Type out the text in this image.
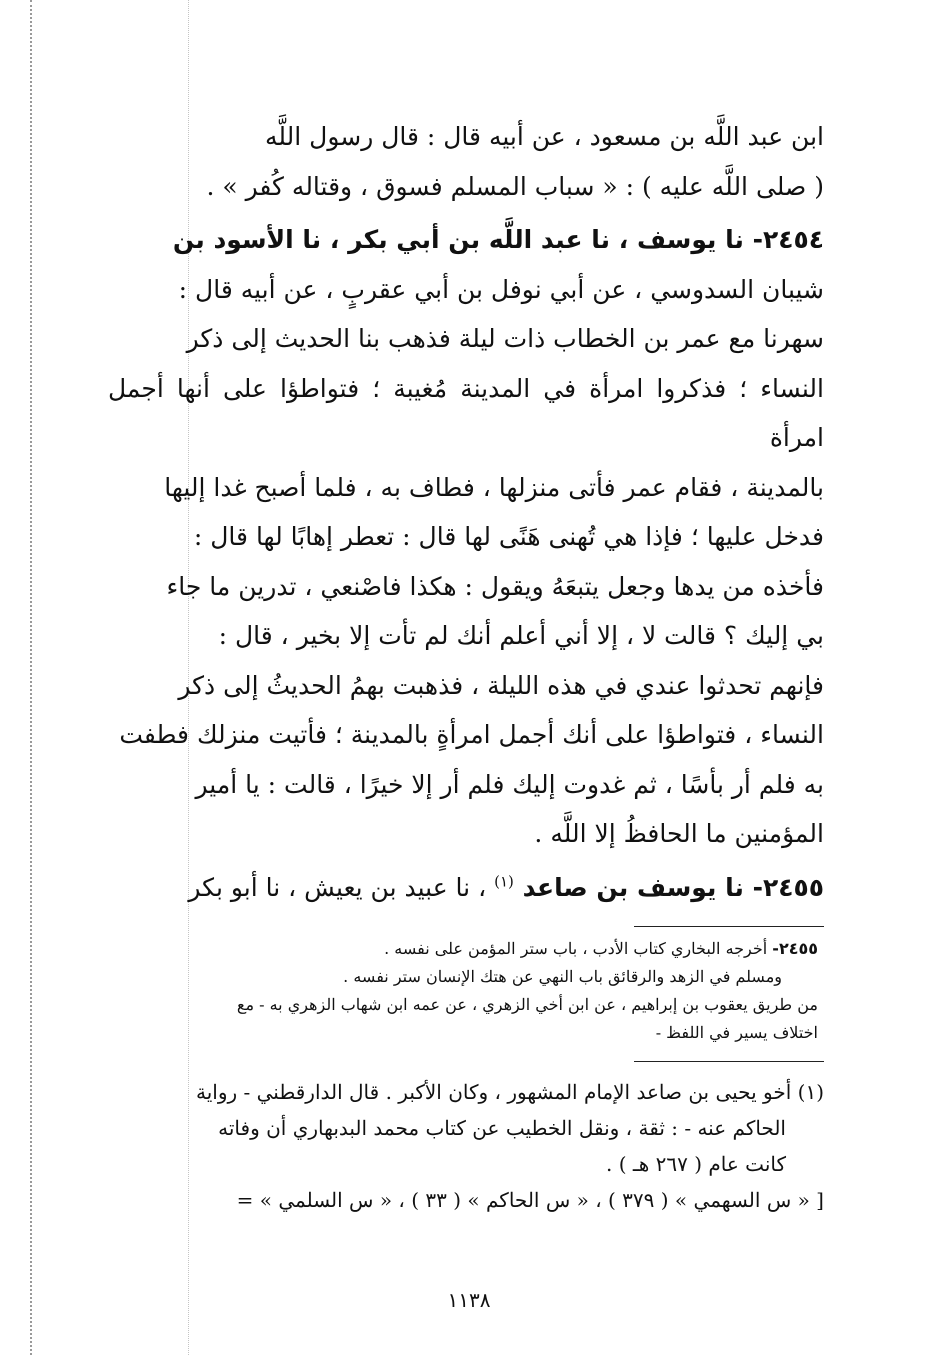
ابن عبد اللَّه بن مسعود ، عن أبيه قال : قال رسول اللَّه

( صلى اللَّه عليه ) : « سباب المسلم فسوق ، وقتاله كُفر » .

٢٤٥٤- نا يوسف ، نا عبد اللَّه بن أبي بكر ، نا الأسود بن

شيبان السدوسي ، عن أبي نوفل بن أبي عقربٍ ، عن أبيه قال :

سهرنا مع عمر بن الخطاب ذات ليلة فذهب بنا الحديث إلى ذكر

النساء ؛ فذكروا امرأة في المدينة مُغيبة ؛ فتواطؤا على أنها أجمل امرأة

بالمدينة ، فقام عمر فأتى منزلها ، فطاف به ، فلما أصبح غدا إليها

فدخل عليها ؛ فإذا هي تُهنى هَنًى لها قال : تعطر إهابًا لها قال :

فأخذه من يدها وجعل يتبعَهُ ويقول : هكذا فاصْنعي ، تدرين ما جاء

بي إليك ؟ قالت لا ، إلا أني أعلم أنك لم تأت إلا بخير ، قال :

فإنهم تحدثوا عندي في هذه الليلة ، فذهبت بهمُ الحديثُ إلى ذكر

النساء ، فتواطؤا على أنك أجمل امرأةٍ بالمدينة ؛ فأتيت منزلك فطفت

به فلم أر بأسًا ، ثم غدوت إليك فلم أر إلا خيرًا ، قالت : يا أمير

المؤمنين ما الحافظُ إلا اللَّه .

٢٤٥٥- نا يوسف بن صاعد $^{(١)}$ ، نا عبيد بن يعيش ، نا أبو بكر

٢٤٥٥- أخرجه البخاري كتاب الأدب ، باب ستر المؤمن على نفسه .
ومسلم في الزهد والرقائق باب النهي عن هتك الإنسان ستر نفسه .
من طريق يعقوب بن إبراهيم ، عن ابن أخي الزهري ، عن عمه ابن شهاب الزهري به - مع
اختلاف يسير في اللفظ -
(١) أخو يحيى بن صاعد الإمام المشهور ، وكان الأكبر . قال الدارقطني - رواية
الحاكم عنه - : ثقة ، ونقل الخطيب عن كتاب محمد البدبهاري أن وفاته
كانت عام ( ٢٦٧ هـ ) .
[ « س السهمي » ( ٣٧٩ ) ، « س الحاكم » ( ٣٣ ) ، « س السلمي » =
١١٣٨
